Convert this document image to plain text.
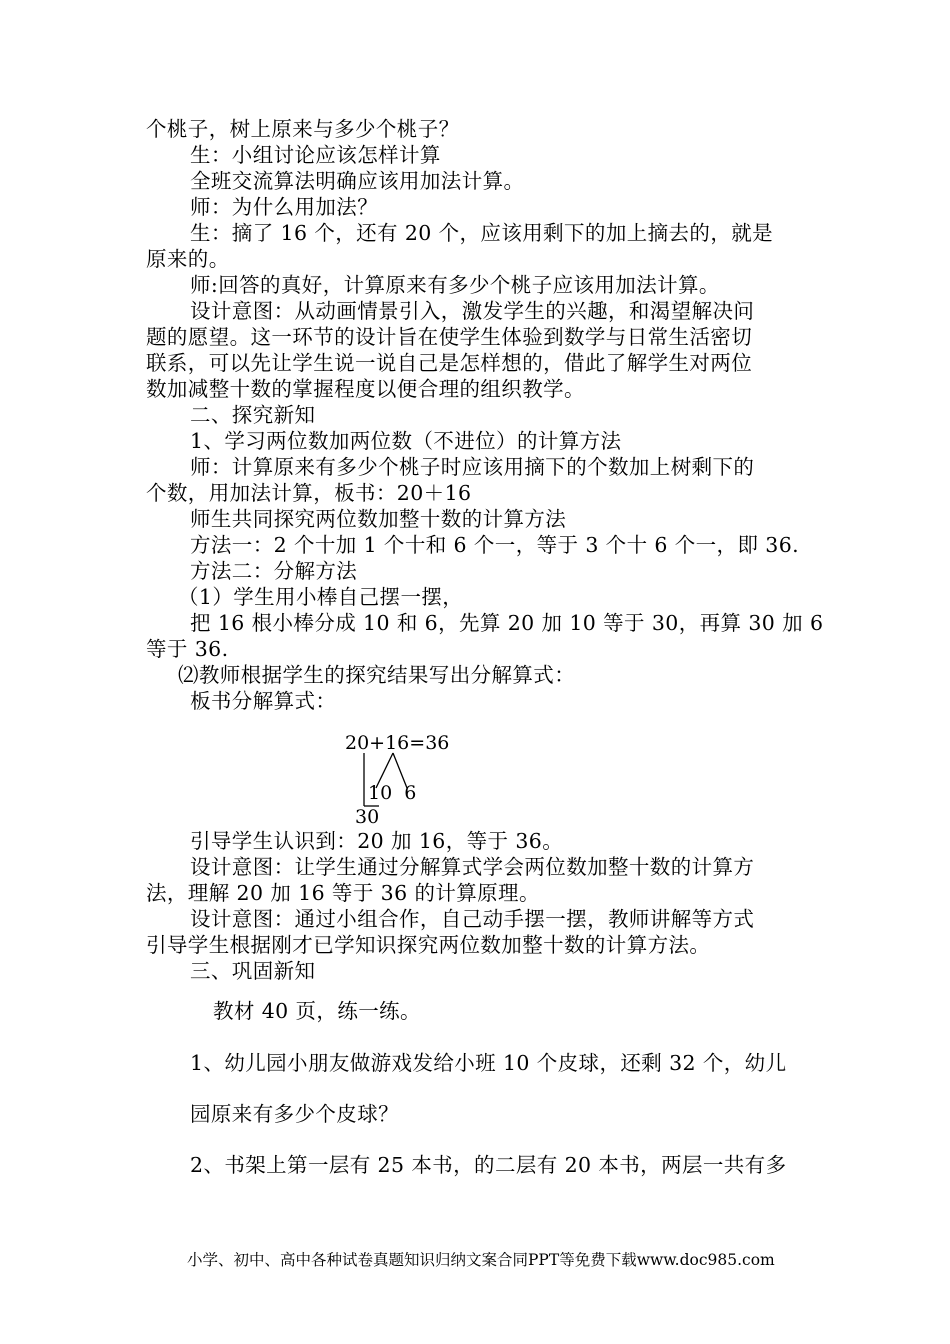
个桃子，树上原来与多少个桃子？

生：小组讨论应该怎样计算

全班交流算法明确应该用加法计算。

师：为什么用加法？

生：摘了 16 个，还有 20 个，应该用剩下的加上摘去的，就是

原来的。

师:回答的真好，计算原来有多少个桃子应该用加法计算。

设计意图：从动画情景引入，激发学生的兴趣，和渴望解决问

题的愿望。这一环节的设计旨在使学生体验到数学与日常生活密切

联系，可以先让学生说一说自己是怎样想的，借此了解学生对两位

数加减整十数的掌握程度以便合理的组织教学。

二、探究新知

1、学习两位数加两位数（不进位）的计算方法

师：计算原来有多少个桃子时应该用摘下的个数加上树剩下的

个数，用加法计算，板书：20＋16

师生共同探究两位数加整十数的计算方法

方法一：2 个十加 1 个十和 6 个一，等于 3 个十 6 个一，即 36.

方法二：分解方法

（1）学生用小棒自己摆一摆，

把 16 根小棒分成 10 和 6，先算 20 加 10 等于 30，再算 30 加 6

等于 36.

⑵教师根据学生的探究结果写出分解算式：

板书分解算式：

20+16=36
10  6
30

引导学生认识到：20 加 16，等于 36。

设计意图：让学生通过分解算式学会两位数加整十数的计算方

法，理解 20 加 16 等于 36 的计算原理。

设计意图：通过小组合作，自己动手摆一摆，教师讲解等方式

引导学生根据刚才已学知识探究两位数加整十数的计算方法。

三、巩固新知

教材 40 页，练一练。

1、幼儿园小朋友做游戏发给小班 10 个皮球，还剩 32 个，幼儿

园原来有多少个皮球？

2、书架上第一层有 25 本书，的二层有 20 本书，两层一共有多

小学、初中、高中各种试卷真题知识归纳文案合同PPT等免费下载www.doc985.com
